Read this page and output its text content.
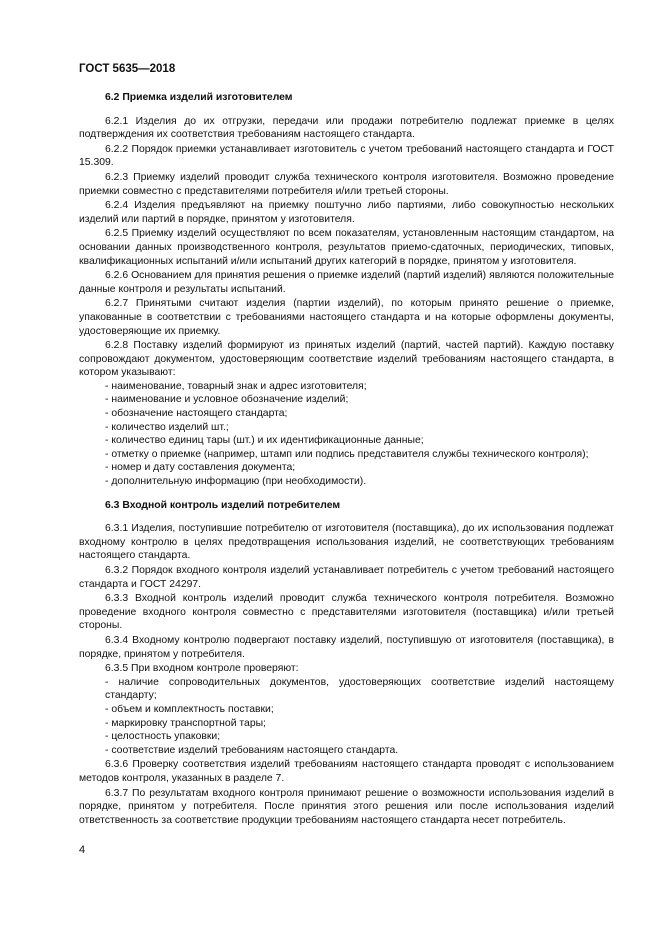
ГОСТ 5635—2018
6.2 Приемка изделий изготовителем

6.2.1 Изделия до их отгрузки, передачи или продажи потребителю подлежат приемке в целях подтверждения их соответствия требованиям настоящего стандарта.

6.2.2 Порядок приемки устанавливает изготовитель с учетом требований настоящего стандарта и ГОСТ 15.309.

6.2.3 Приемку изделий проводит служба технического контроля изготовителя. Возможно проведение приемки совместно с представителями потребителя и/или третьей стороны.

6.2.4 Изделия предъявляют на приемку поштучно либо партиями, либо совокупностью нескольких изделий или партий в порядке, принятом у изготовителя.

6.2.5 Приемку изделий осуществляют по всем показателям, установленным настоящим стандартом, на основании данных производственного контроля, результатов приемо-сдаточных, периодических, типовых, квалификационных испытаний и/или испытаний других категорий в порядке, принятом у изготовителя.

6.2.6 Основанием для принятия решения о приемке изделий (партий изделий) являются положительные данные контроля и результаты испытаний.

6.2.7 Принятыми считают изделия (партии изделий), по которым принято решение о приемке, упакованные в соответствии с требованиями настоящего стандарта и на которые оформлены документы, удостоверяющие их приемку.

6.2.8 Поставку изделий формируют из принятых изделий (партий, частей партий). Каждую поставку сопровождают документом, удостоверяющим соответствие изделий требованиям настоящего стандарта, в котором указывают:

- наименование, товарный знак и адрес изготовителя;
- наименование и условное обозначение изделий;
- обозначение настоящего стандарта;
- количество изделий шт.;
- количество единиц тары (шт.) и их идентификационные данные;
- отметку о приемке (например, штамп или подпись представителя службы технического контроля);
- номер и дату составления документа;
- дополнительную информацию (при необходимости).
6.3 Входной контроль изделий потребителем

6.3.1 Изделия, поступившие потребителю от изготовителя (поставщика), до их использования подлежат входному контролю в целях предотвращения использования изделий, не соответствующих требованиям настоящего стандарта.

6.3.2 Порядок входного контроля изделий устанавливает потребитель с учетом требований настоящего стандарта и ГОСТ 24297.

6.3.3 Входной контроль изделий проводит служба технического контроля потребителя. Возможно проведение входного контроля совместно с представителями изготовителя (поставщика) и/или третьей стороны.

6.3.4 Входному контролю подвергают поставку изделий, поступившую от изготовителя (поставщика), в порядке, принятом у потребителя.

6.3.5 При входном контроле проверяют:

- наличие сопроводительных документов, удостоверяющих соответствие изделий настоящему стандарту;
- объем и комплектность поставки;
- маркировку транспортной тары;
- целостность упаковки;
- соответствие изделий требованиям настоящего стандарта.

6.3.6 Проверку соответствия изделий требованиям настоящего стандарта проводят с использованием методов контроля, указанных в разделе 7.

6.3.7 По результатам входного контроля принимают решение о возможности использования изделий в порядке, принятом у потребителя. После принятия этого решения или после использования изделий ответственность за соответствие продукции требованиям настоящего стандарта несет потребитель.

4
